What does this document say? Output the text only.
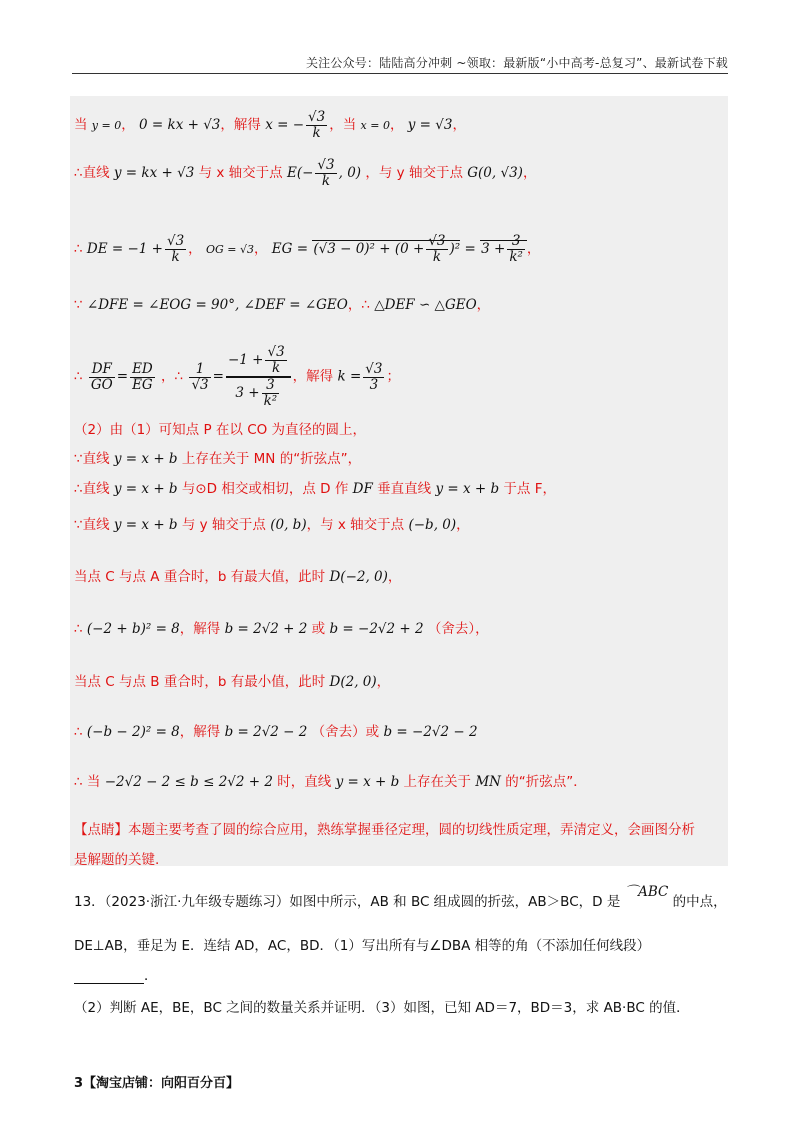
关注公众号：陆陆高分冲刺 ~领取：最新版“小中高考-总复习”、最新试卷下载
当 y = 0， 0 = kx + √3，解得 x = − $\frac{√3}{k}$ ，当 x = 0， y = √3，
∴直线 y = kx + √3 与 x 轴交于点 $E(- \frac{√3}{k}$ , 0) ，与 y 轴交于点 G(0, √3)，
∴ DE = $-1 + \frac{√3}{k}$ ， OG = √3， EG = $(√3 - 0)^2 + (0 + \frac{√3}{k} )^2 = 3 + \frac{3}{\text{k²}}$ ，
∵ ∠DFE = ∠EOG = 90°, ∠DEF = ∠GEO，∴ △DEF ∽ △GEO，
∴ $\frac{DF}{GO} = \frac{ED}{EG}$ ，∴ $\frac{1}{√3} = \frac{-1 + \frac{√3}{k}}{3 + \frac{3}{\text{k²}}}$ ，解得 $k = \frac{√3}{3}$ ；
（2）由（1）可知点 P 在以 CO 为直径的圆上，
∵直线 y = x + b 上存在关于 MN 的“折弦点”，
∴直线 y = x + b 与⊙D 相交或相切，点 D 作 DF 垂直直线 y = x + b 于点 F，
∵直线 y = x + b 与 y 轴交于点 (0, b)，与 x 轴交于点 (−b, 0)，
当点 C 与点 A 重合时，b 有最大值，此时 D(−2, 0)，
∴ (−2 + b)² = 8，解得 b = 2√2 + 2 或 b = −2√2 + 2 （舍去），
当点 C 与点 B 重合时，b 有最小值，此时 D(2, 0)，
∴ (−b − 2)² = 8，解得 b = 2√2 − 2 （舍去）或 b = −2√2 − 2
∴ 当 −2√2 − 2 ≤ b ≤ 2√2 + 2 时，直线 y = x + b 上存在关于 MN 的“折弦点”．
【点睛】本题主要考查了圆的综合应用，熟练掌握垂径定理，圆的切线性质定理，弄清定义，会画图分析
是解题的关键.
13．（2023·浙江·九年级专题练习）如图中所示，AB 和 BC 组成圆的折弦，AB＞BC，D 是 ⌒ABC 的中点，
DE⊥AB，垂足为 E．连结 AD，AC，BD．（1）写出所有与∠DBA 相等的角（不添加任何线段）
．
（2）判断 AE，BE，BC 之间的数量关系并证明．（3）如图，已知 AD＝7，BD＝3，求 AB·BC 的值．
3【淘宝店铺：向阳百分百】
